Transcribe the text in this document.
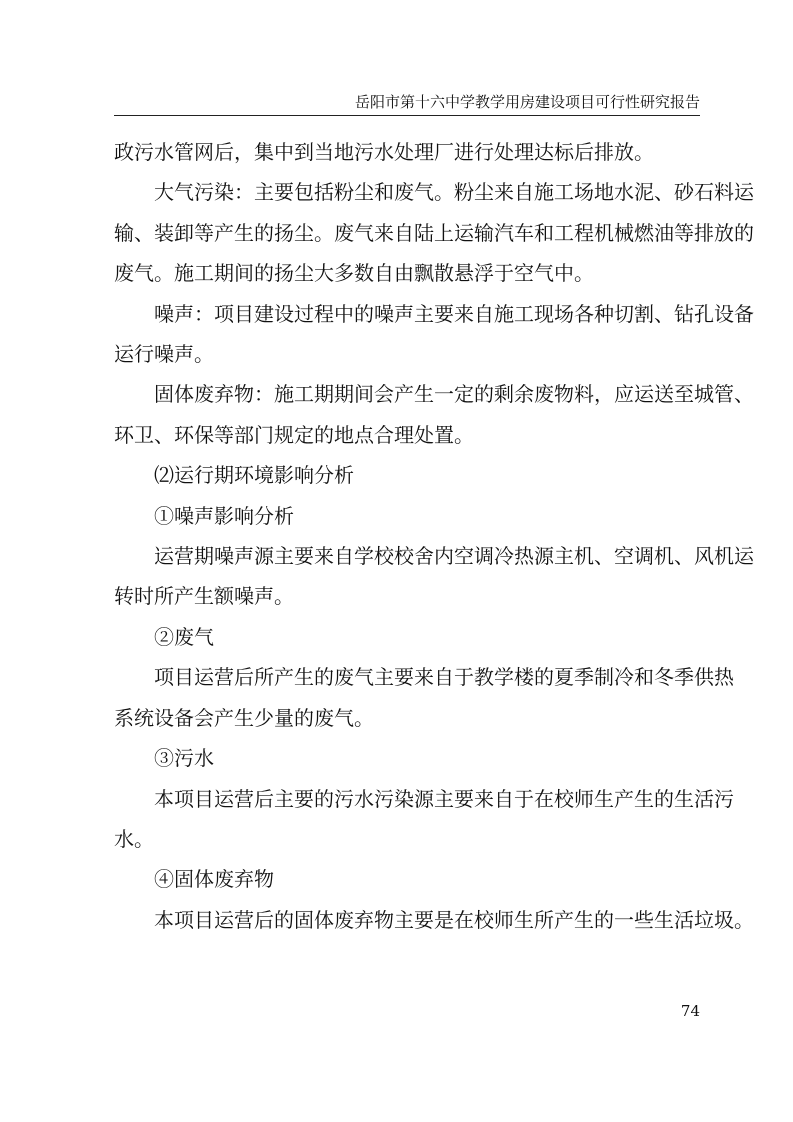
岳阳市第十六中学教学用房建设项目可行性研究报告

政污水管网后，集中到当地污水处理厂进行处理达标后排放。

大气污染：主要包括粉尘和废气。粉尘来自施工场地水泥、砂石料运

输、装卸等产生的扬尘。废气来自陆上运输汽车和工程机械燃油等排放的

废气。施工期间的扬尘大多数自由飘散悬浮于空气中。

噪声：项目建设过程中的噪声主要来自施工现场各种切割、钻孔设备

运行噪声。

固体废弃物：施工期期间会产生一定的剩余废物料，应运送至城管、

环卫、环保等部门规定的地点合理处置。

⑵运行期环境影响分析

①噪声影响分析

运营期噪声源主要来自学校校舍内空调冷热源主机、空调机、风机运

转时所产生额噪声。

②废气

项目运营后所产生的废气主要来自于教学楼的夏季制冷和冬季供热

系统设备会产生少量的废气。

③污水

本项目运营后主要的污水污染源主要来自于在校师生产生的生活污

水。

④固体废弃物

本项目运营后的固体废弃物主要是在校师生所产生的一些生活垃圾。

74
